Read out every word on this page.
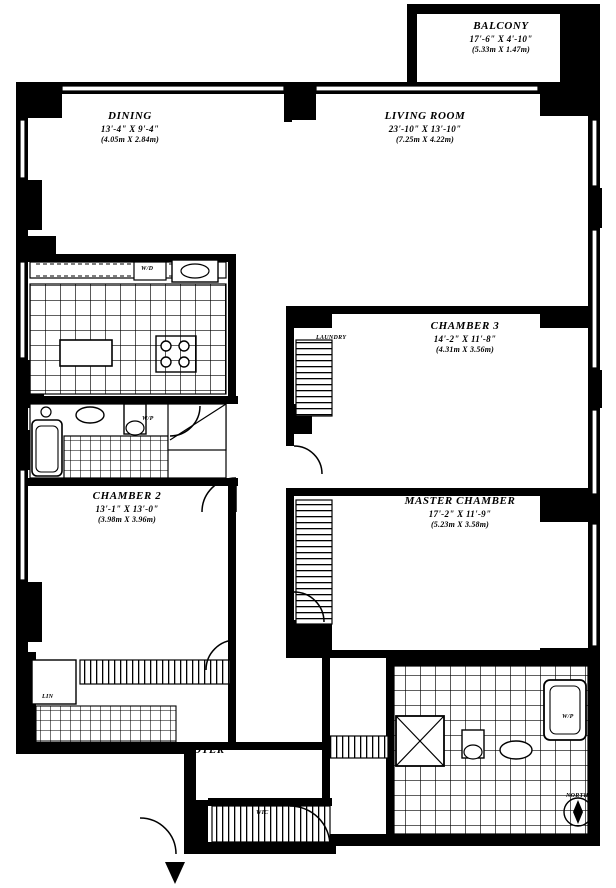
BALCONY
17'-6" X 4'-10"
(5.33m X 1.47m)
DINING
13'-4" X 9'-4"
(4.05m X 2.84m)
LIVING ROOM
23'-10" X 13'-10"
(7.25m X 4.22m)
CHAMBER 3
14'-2" X 11'-8"
(4.31m X 3.56m)
CHAMBER 2
13'-1" X 13'-0"
(3.98m X 3.96m)
MASTER CHAMBER
17'-2" X 11'-9"
(5.23m X 3.58m)
FOYER
LAUNDRY
W/D
W/P
LIN
WIC
W/P
NORTH
